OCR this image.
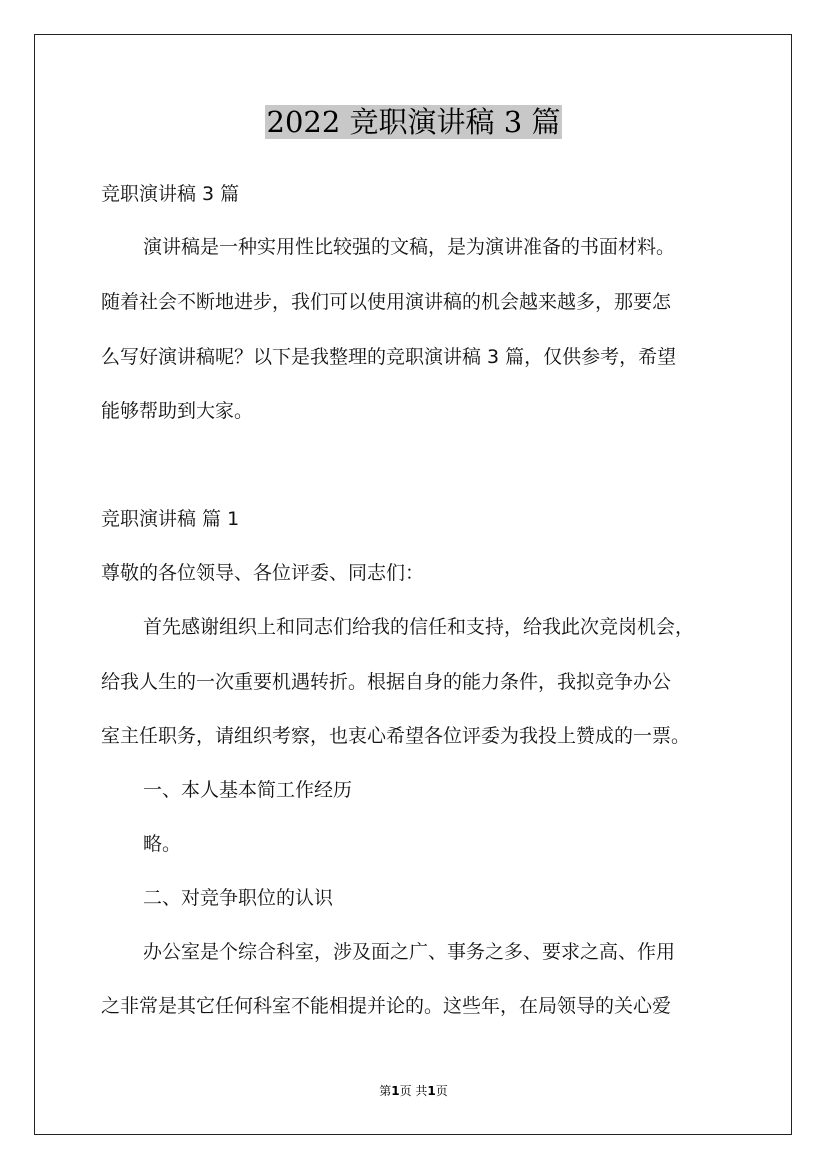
2022 竞职演讲稿 3 篇
竞职演讲稿 3 篇
演讲稿是一种实用性比较强的文稿，是为演讲准备的书面材料。
随着社会不断地进步，我们可以使用演讲稿的机会越来越多，那要怎
么写好演讲稿呢？以下是我整理的竞职演讲稿 3 篇，仅供参考，希望
能够帮助到大家。
竞职演讲稿 篇 1
尊敬的各位领导、各位评委、同志们：
首先感谢组织上和同志们给我的信任和支持，给我此次竞岗机会，
给我人生的一次重要机遇转折。根据自身的能力条件，我拟竞争办公
室主任职务，请组织考察，也衷心希望各位评委为我投上赞成的一票。
一、本人基本简工作经历
略。
二、对竞争职位的认识
办公室是个综合科室，涉及面之广、事务之多、要求之高、作用
之非常是其它任何科室不能相提并论的。这些年，在局领导的关心爱
第1页 共1页
